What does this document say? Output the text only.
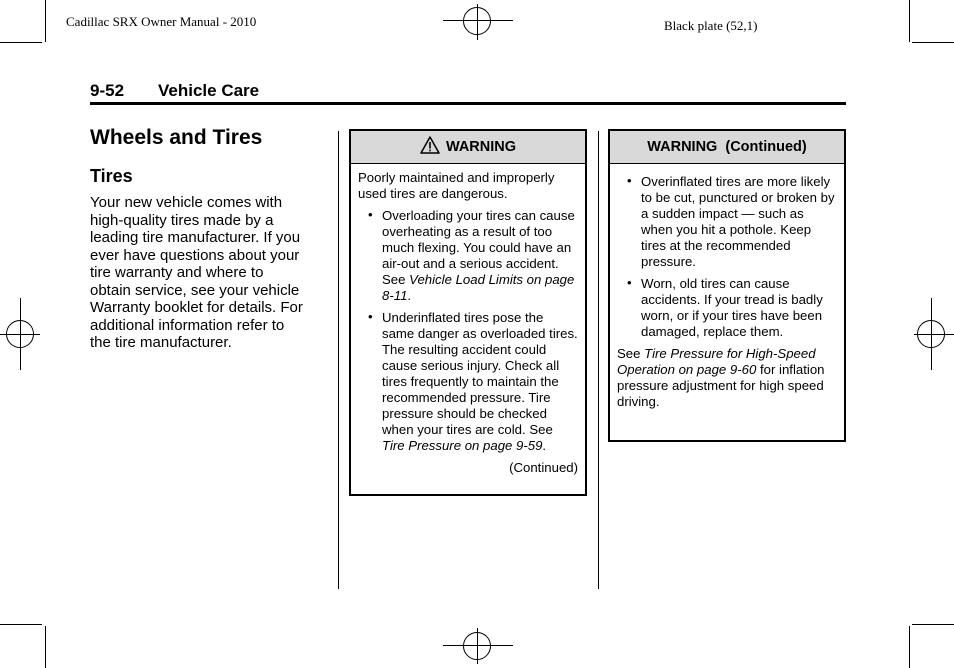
Cadillac SRX Owner Manual - 2010	Black plate (52,1)
9-52 Vehicle Care
Wheels and Tires
Tires
Your new vehicle comes with
high-quality tires made by a
leading tire manufacturer. If you
ever have questions about your
tire warranty and where to
obtain service, see your vehicle
Warranty booklet for details. For
additional information refer to
the tire manufacturer.
WARNING

Poorly maintained and improperly used tires are dangerous.

• Overloading your tires can cause overheating as a result of too much flexing. You could have an air-out and a serious accident. See Vehicle Load Limits on page 8-11.
• Underinflated tires pose the same danger as overloaded tires. The resulting accident could cause serious injury. Check all tires frequently to maintain the recommended pressure. Tire pressure should be checked when your tires are cold. See Tire Pressure on page 9-59.
(Continued)
WARNING  (Continued)
• Overinflated tires are more likely to be cut, punctured or broken by a sudden impact — such as when you hit a pothole. Keep tires at the recommended pressure.
• Worn, old tires can cause accidents. If your tread is badly worn, or if your tires have been damaged, replace them.

See Tire Pressure for High-Speed Operation on page 9-60 for inflation pressure adjustment for high speed driving.
